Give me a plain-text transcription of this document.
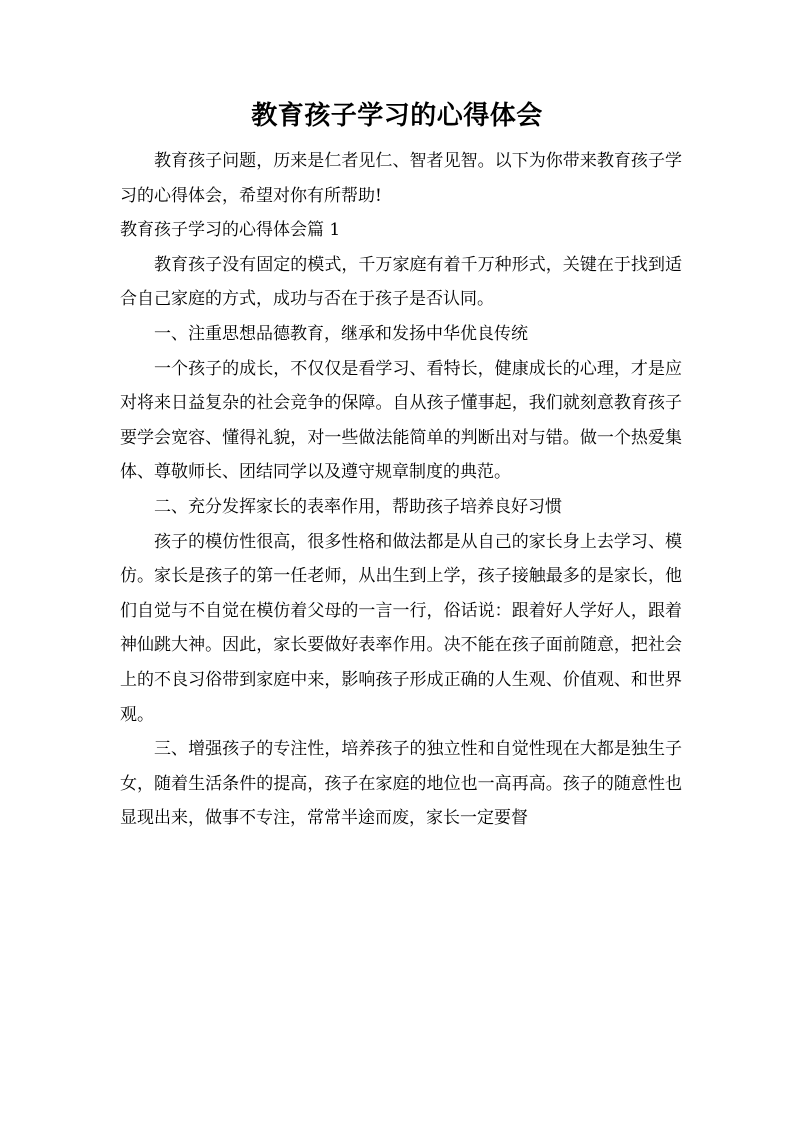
教育孩子学习的心得体会

教育孩子问题，历来是仁者见仁、智者见智。以下为你带来教育孩子学习的心得体会，希望对你有所帮助!

教育孩子学习的心得体会篇 1

教育孩子没有固定的模式，千万家庭有着千万种形式，关键在于找到适合自己家庭的方式，成功与否在于孩子是否认同。

一、注重思想品德教育，继承和发扬中华优良传统

一个孩子的成长，不仅仅是看学习、看特长，健康成长的心理，才是应对将来日益复杂的社会竞争的保障。自从孩子懂事起，我们就刻意教育孩子要学会宽容、懂得礼貌，对一些做法能简单的判断出对与错。做一个热爱集体、尊敬师长、团结同学以及遵守规章制度的典范。

二、充分发挥家长的表率作用，帮助孩子培养良好习惯

孩子的模仿性很高，很多性格和做法都是从自己的家长身上去学习、模仿。家长是孩子的第一任老师，从出生到上学，孩子接触最多的是家长，他们自觉与不自觉在模仿着父母的一言一行，俗话说：跟着好人学好人，跟着神仙跳大神。因此，家长要做好表率作用。决不能在孩子面前随意，把社会上的不良习俗带到家庭中来，影响孩子形成正确的人生观、价值观、和世界观。

三、增强孩子的专注性，培养孩子的独立性和自觉性现在大都是独生子女，随着生活条件的提高，孩子在家庭的地位也一高再高。孩子的随意性也显现出来，做事不专注，常常半途而废，家长一定要督
